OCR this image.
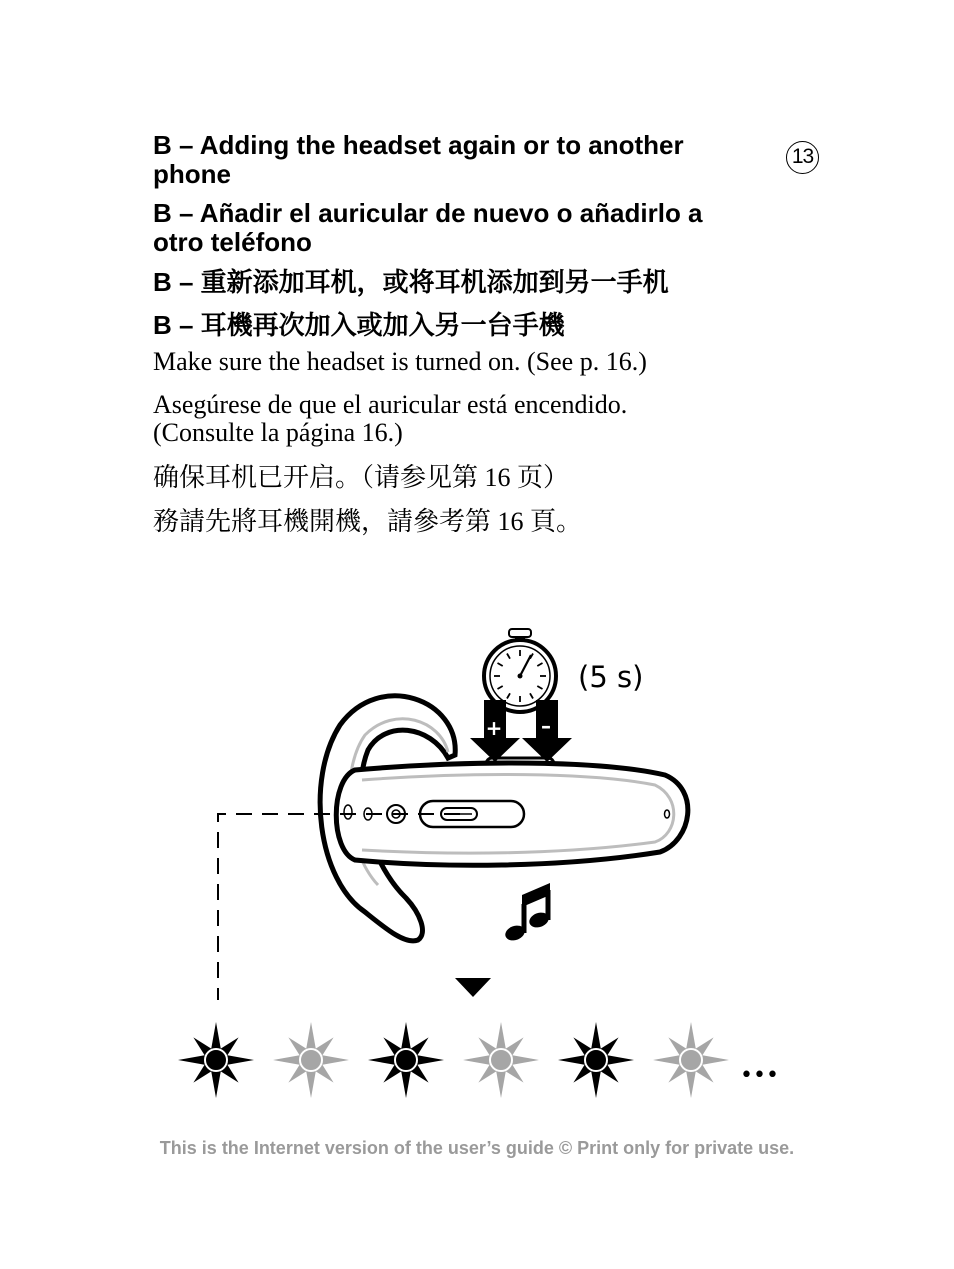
13

B – Adding the headset again or to another phone

B – Añadir el auricular de nuevo o añadirlo a otro teléfono

B – 重新添加耳机，或将耳机添加到另一手机

B – 耳機再次加入或加入另一台手機

Make sure the headset is turned on. (See p. 16.)

Asegúrese de que el auricular está encendido.

(Consulte la página 16.)

确保耳机已开启。（请参见第 16 页）

務請先將耳機開機，請參考第 16 頁。

(5 s)
+ –
•••
This is the Internet version of the user’s guide © Print only for private use.
